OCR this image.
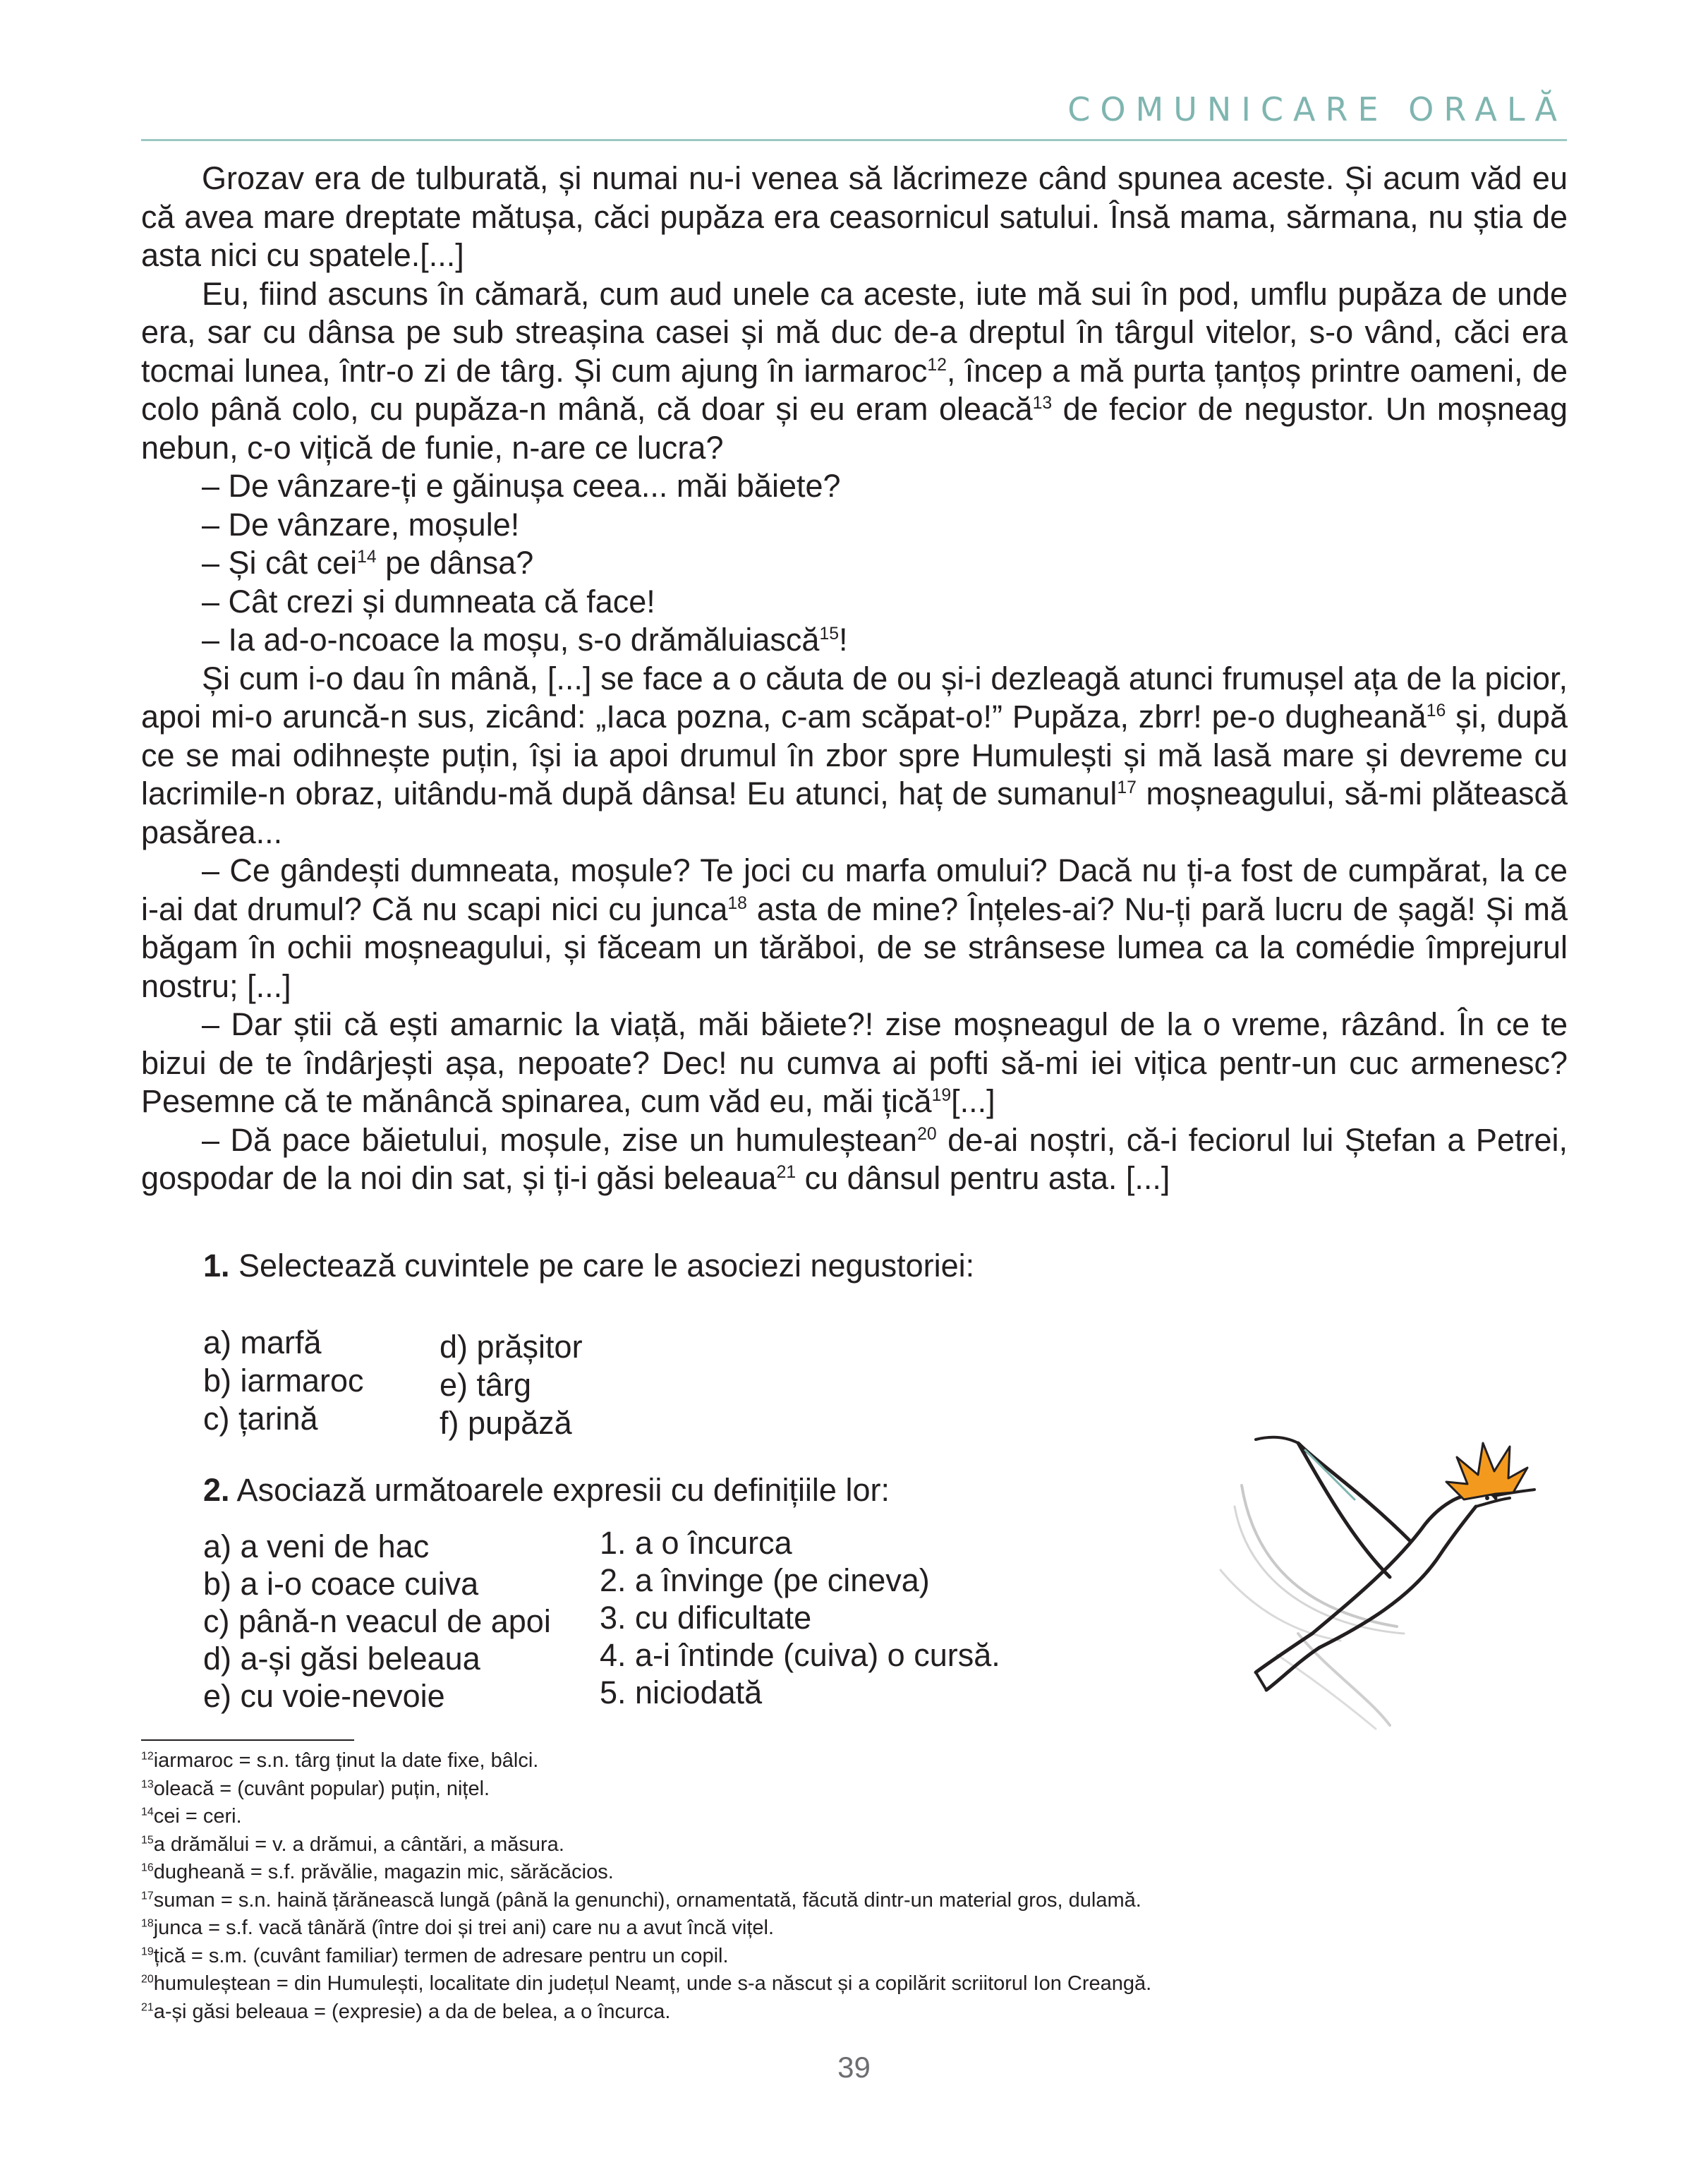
COMUNICARE ORALĂ

Grozav era de tulburată, și numai nu-i venea să lăcrimeze când spunea aceste. Și acum văd eu că avea mare dreptate mătușa, căci pupăza era ceasornicul satului. Însă mama, sărmana, nu știa de asta nici cu spatele.[...]

Eu, fiind ascuns în cămară, cum aud unele ca aceste, iute mă sui în pod, umflu pupăza de unde era, sar cu dânsa pe sub streașina casei și mă duc de-a dreptul în târgul vitelor, s-o vând, căci era tocmai lunea, într-o zi de târg. Și cum ajung în iarmaroc$^{12}$, încep a mă purta țanțoș printre oameni, de colo până colo, cu pupăza-n mână, că doar și eu eram oleacă$^{13}$ de fecior de negustor. Un moșneag nebun, c-o vițică de funie, n-are ce lucra?

– De vânzare-ți e găinușa ceea... măi băiete?

– De vânzare, moșule!

– Și cât cei$^{14}$ pe dânsa?

– Cât crezi și dumneata că face!

– Ia ad-o-ncoace la moșu, s-o drămăluiască$^{15}$!

Și cum i-o dau în mână, [...] se face a o căuta de ou și-i dezleagă atunci frumușel ața de la picior, apoi mi-o aruncă-n sus, zicând: „Iaca pozna, c-am scăpat-o!” Pupăza, zbrr! pe-o dugheană$^{16}$ și, după ce se mai odihnește puțin, își ia apoi drumul în zbor spre Humulești și mă lasă mare și devreme cu lacrimile-n obraz, uitându-mă după dânsa! Eu atunci, haț de sumanul$^{17}$ moșneagului, să-mi plătească pasărea...

– Ce gândești dumneata, moșule? Te joci cu marfa omului? Dacă nu ți-a fost de cumpărat, la ce i-ai dat drumul? Că nu scapi nici cu junca$^{18}$ asta de mine? Înțeles-ai? Nu-ți pară lucru de șagă! Și mă băgam în ochii moșneagului, și făceam un tărăboi, de se strânsese lumea ca la comédie împrejurul nostru; [...]

– Dar știi că ești amarnic la viață, măi băiete?! zise moșneagul de la o vreme, râzând. În ce te bizui de te îndârjești așa, nepoate? Dec! nu cumva ai pofti să-mi iei vițica pentr-un cuc armenesc? Pesemne că te mănâncă spinarea, cum văd eu, măi țică$^{19}$[...]

– Dă pace băietului, moșule, zise un humuleștean$^{20}$ de-ai noștri, că-i feciorul lui Ștefan a Petrei, gospodar de la noi din sat, și ți-i găsi beleaua$^{21}$ cu dânsul pentru asta. [...]

1. Selectează cuvintele pe care le asociezi negustoriei:
a) marfă
b) iarmaroc
c) țarină
d) prășitor
e) târg
f) pupăză
2. Asociază următoarele expresii cu definițiile lor:
a) a veni de hac
b) a i-o coace cuiva
c) până-n veacul de apoi
d) a-și găsi beleaua
e) cu voie-nevoie
1. a o încurca
2. a învinge (pe cineva)
3. cu dificultate
4. a-i întinde (cuiva) o cursă.
5. niciodată
$^{12}$iarmaroc = s.n. târg ținut la date fixe, bâlci.
$^{13}$oleacă = (cuvânt popular) puțin, nițel.
$^{14}$cei = ceri.
$^{15}$a drămălui = v. a drămui, a cântări, a măsura.
$^{16}$dugheană = s.f. prăvălie, magazin mic, sărăcăcios.
$^{17}$suman = s.n. haină țărănească lungă (până la genunchi), ornamentată, făcută dintr-un material gros, dulamă.
$^{18}$junca = s.f. vacă tânără (între doi și trei ani) care nu a avut încă vițel.
$^{19}$țică = s.m. (cuvânt familiar) termen de adresare pentru un copil.
$^{20}$humuleștean = din Humulești, localitate din județul Neamț, unde s-a născut și a copilărit scriitorul Ion Creangă.
$^{21}$a-și găsi beleaua = (expresie) a da de belea, a o încurca.
39
